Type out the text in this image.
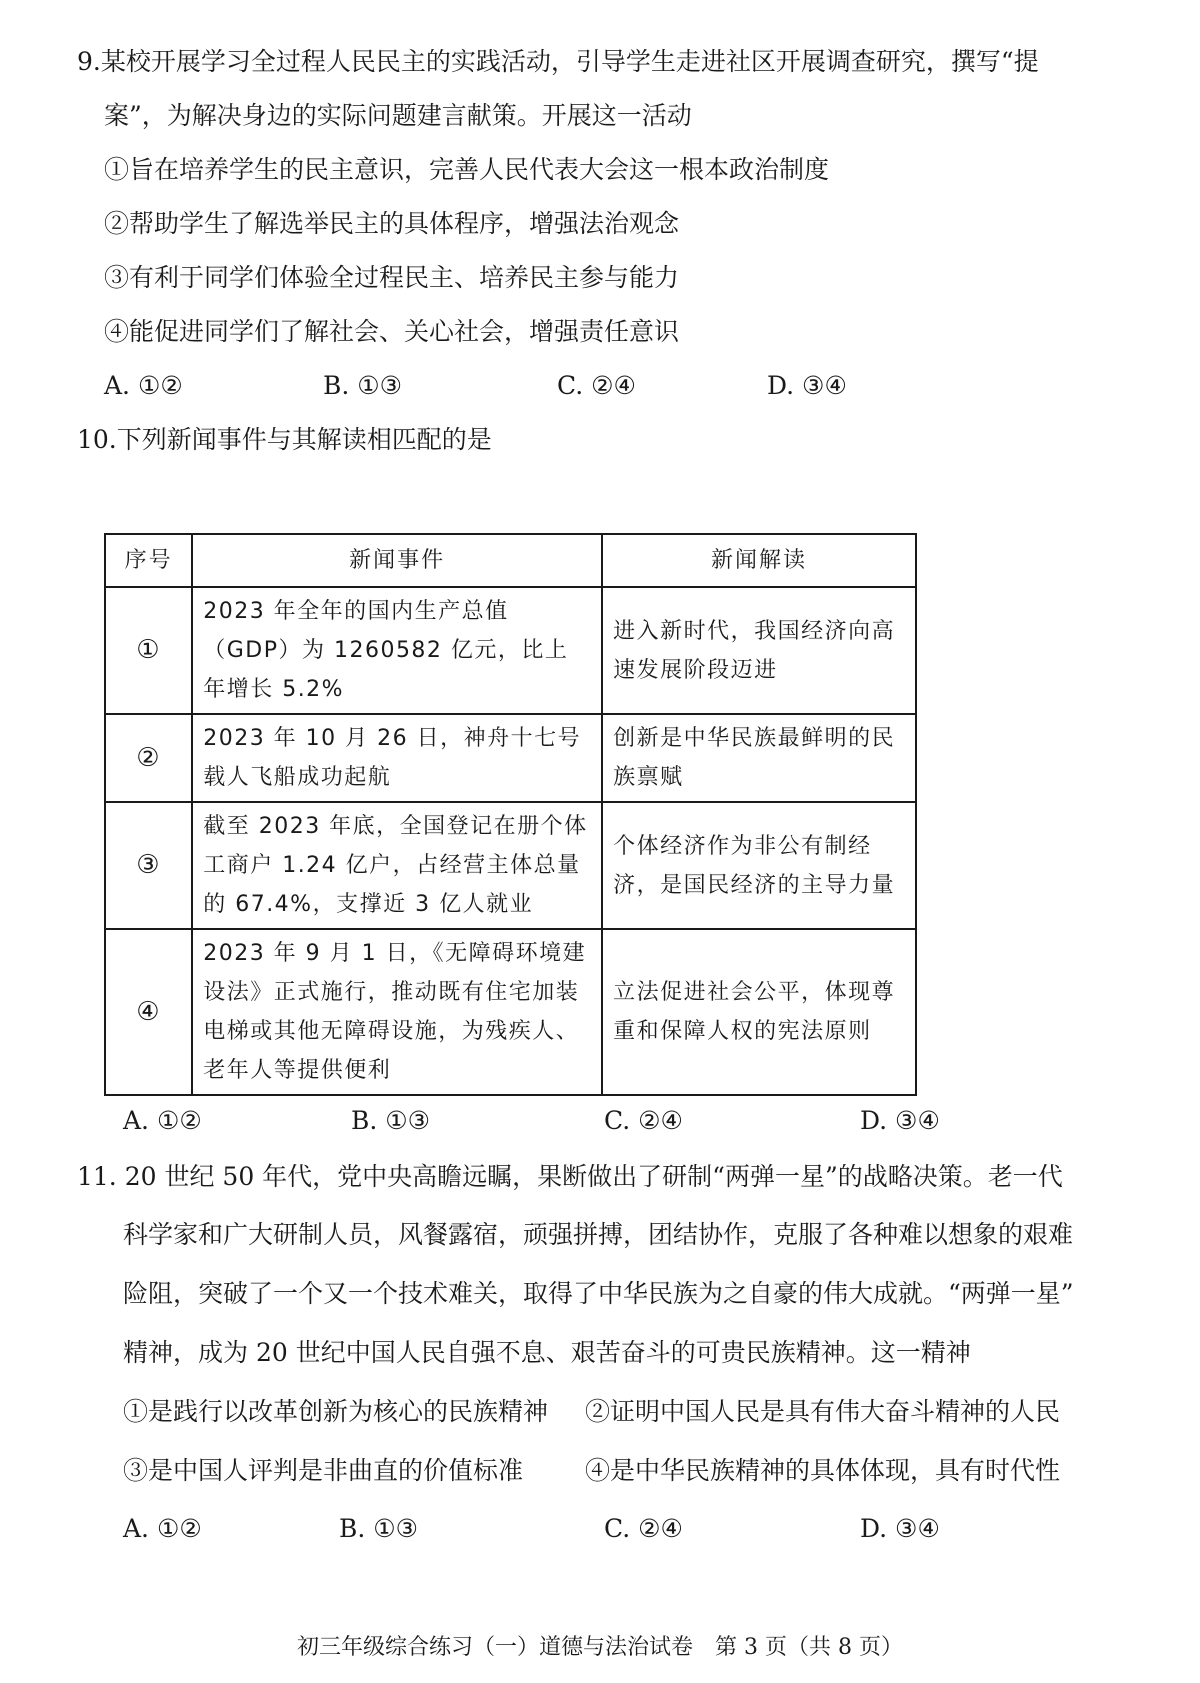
9.某校开展学习全过程人民民主的实践活动，引导学生走进社区开展调查研究，撰写“提
案”，为解决身边的实际问题建言献策。开展这一活动
①旨在培养学生的民主意识，完善人民代表大会这一根本政治制度
②帮助学生了解选举民主的具体程序，增强法治观念
③有利于同学们体验全过程民主、培养民主参与能力
④能促进同学们了解社会、关心社会，增强责任意识
A. ①②	B. ①③	C. ②④	D. ③④
10.下列新闻事件与其解读相匹配的是
序号	新闻事件	新闻解读
①	2023 年全年的国内生产总值（GDP）为 1260582 亿元，比上年增长 5.2%	进入新时代，我国经济向高速发展阶段迈进
②	2023 年 10 月 26 日，神舟十七号载人飞船成功起航	创新是中华民族最鲜明的民族禀赋
③	截至 2023 年底，全国登记在册个体工商户 1.24 亿户，占经营主体总量的 67.4%，支撑近 3 亿人就业	个体经济作为非公有制经济，是国民经济的主导力量
④	2023 年 9 月 1 日，《无障碍环境建设法》正式施行，推动既有住宅加装电梯或其他无障碍设施，为残疾人、老年人等提供便利	立法促进社会公平，体现尊重和保障人权的宪法原则
A. ①②	B. ①③	C. ②④	D. ③④
11. 20 世纪 50 年代，党中央高瞻远瞩，果断做出了研制“两弹一星”的战略决策。老一代
科学家和广大研制人员，风餐露宿，顽强拼搏，团结协作，克服了各种难以想象的艰难
险阻，突破了一个又一个技术难关，取得了中华民族为之自豪的伟大成就。“两弹一星”
精神，成为 20 世纪中国人民自强不息、艰苦奋斗的可贵民族精神。这一精神
①是践行以改革创新为核心的民族精神 ②证明中国人民是具有伟大奋斗精神的人民
③是中国人评判是非曲直的价值标准 ④是中华民族精神的具体体现，具有时代性
A. ①②	B. ①③	C. ②④	D. ③④
初三年级综合练习（一）道德与法治试卷　第 3 页（共 8 页）
